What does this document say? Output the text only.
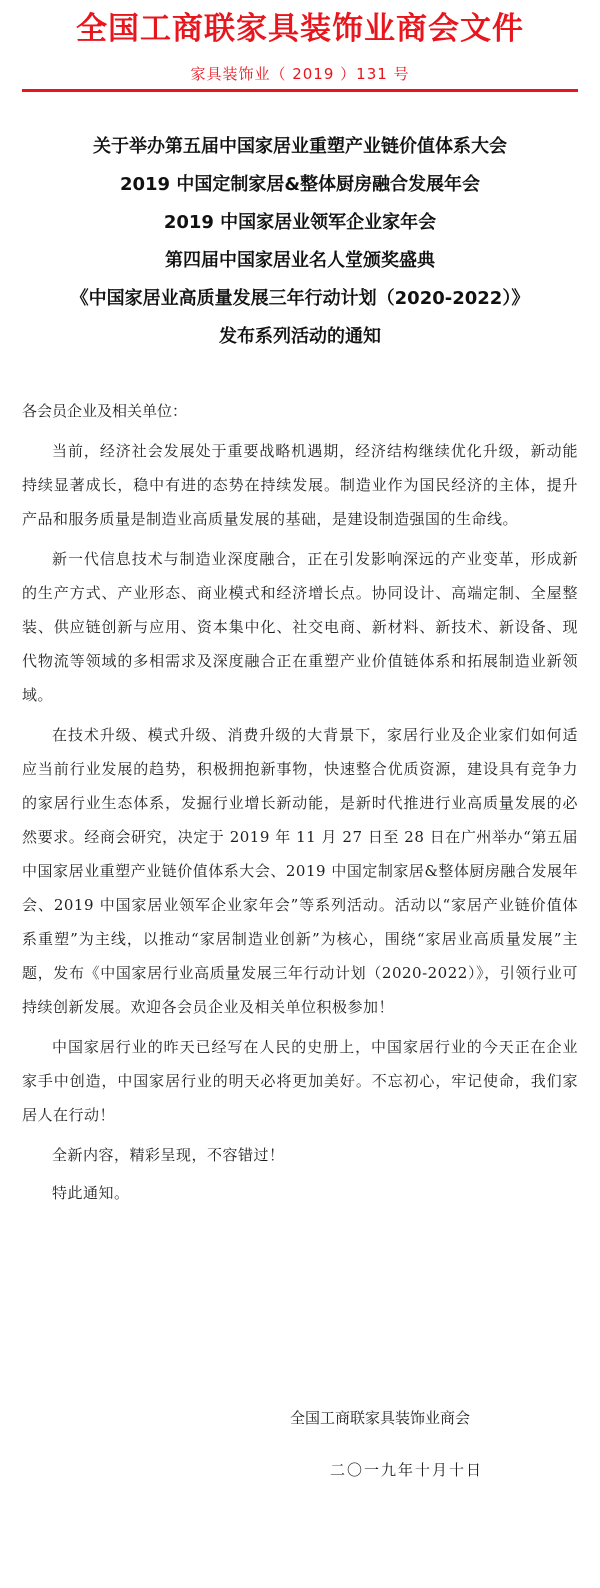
全国工商联家具装饰业商会文件
家具装饰业（ 2019 ）131 号
关于举办第五届中国家居业重塑产业链价值体系大会
2019 中国定制家居&整体厨房融合发展年会
2019 中国家居业领军企业家年会
第四届中国家居业名人堂颁奖盛典
《中国家居业高质量发展三年行动计划（2020-2022）》
发布系列活动的通知
各会员企业及相关单位：

当前，经济社会发展处于重要战略机遇期，经济结构继续优化升级，新动能持续显著成长，稳中有进的态势在持续发展。制造业作为国民经济的主体，提升产品和服务质量是制造业高质量发展的基础，是建设制造强国的生命线。

新一代信息技术与制造业深度融合，正在引发影响深远的产业变革，形成新的生产方式、产业形态、商业模式和经济增长点。协同设计、高端定制、全屋整装、供应链创新与应用、资本集中化、社交电商、新材料、新技术、新设备、现代物流等领域的多相需求及深度融合正在重塑产业价值链体系和拓展制造业新领域。

在技术升级、模式升级、消费升级的大背景下，家居行业及企业家们如何适应当前行业发展的趋势，积极拥抱新事物，快速整合优质资源，建设具有竞争力的家居行业生态体系，发掘行业增长新动能，是新时代推进行业高质量发展的必然要求。经商会研究，决定于 2019 年 11 月 27 日至 28 日在广州举办“第五届中国家居业重塑产业链价值体系大会、2019 中国定制家居&整体厨房融合发展年会、2019 中国家居业领军企业家年会”等系列活动。活动以“家居产业链价值体系重塑”为主线，以推动“家居制造业创新”为核心，围绕“家居业高质量发展”主题，发布《中国家居行业高质量发展三年行动计划（2020-2022）》，引领行业可持续创新发展。欢迎各会员企业及相关单位积极参加！

中国家居行业的昨天已经写在人民的史册上，中国家居行业的今天正在企业家手中创造，中国家居行业的明天必将更加美好。不忘初心，牢记使命，我们家居人在行动！

全新内容，精彩呈现，不容错过！

特此通知。

全国工商联家具装饰业商会
二〇一九年十月十日
